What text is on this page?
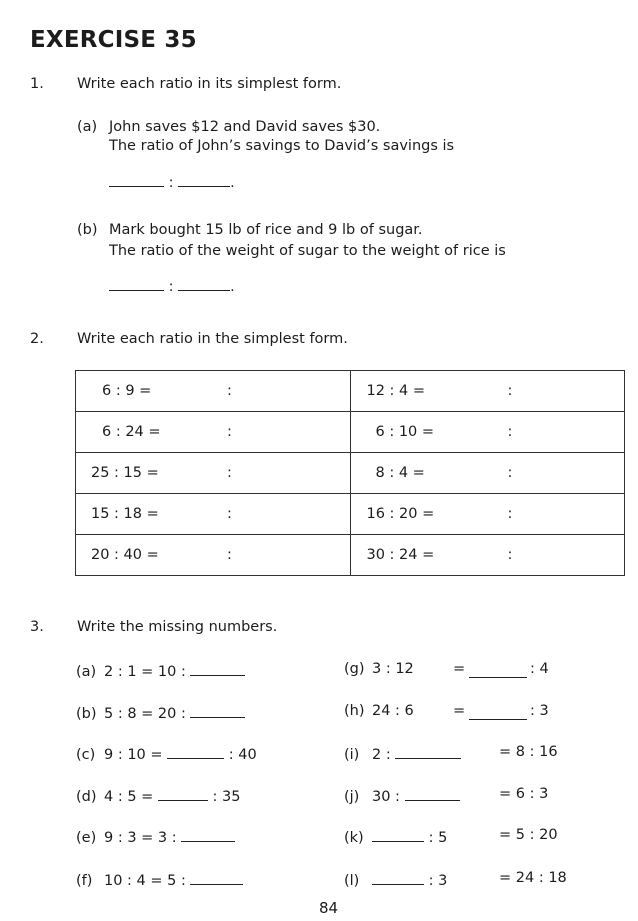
EXERCISE 35
1. Write each ratio in its simplest form.
(a) John saves $12 and David saves $30.
The ratio of John’s savings to David’s savings is
:	.
(b) Mark bought 15 lb of rice and 9 lb of sugar.
The ratio of the weight of sugar to the weight of rice is
:	.
2. Write each ratio in the simplest form.
6 : 9 = :	12 : 4 = :

6 : 24 = :	6 : 10 = :

25 : 15 = :	8 : 4 = :

15 : 18 = :	16 : 20 = :

20 : 40 = :	30 : 24 = :
3. Write the missing numbers.
(a) 2 : 1 = 10 :
(b) 5 : 8 = 20 :
(c) 9 : 10 =	: 40
(d) 4 : 5 =	: 35
(e) 9 : 3 = 3 :
(f) 10 : 4 = 5 :
(g) 3 : 12	=	: 4
(h) 24 : 6	=	: 3
(i) 2 :	= 8 : 16
(j) 30 :	= 6 : 3
(k)	: 5	= 5 : 20
(l)	: 3	= 24 : 18
84
